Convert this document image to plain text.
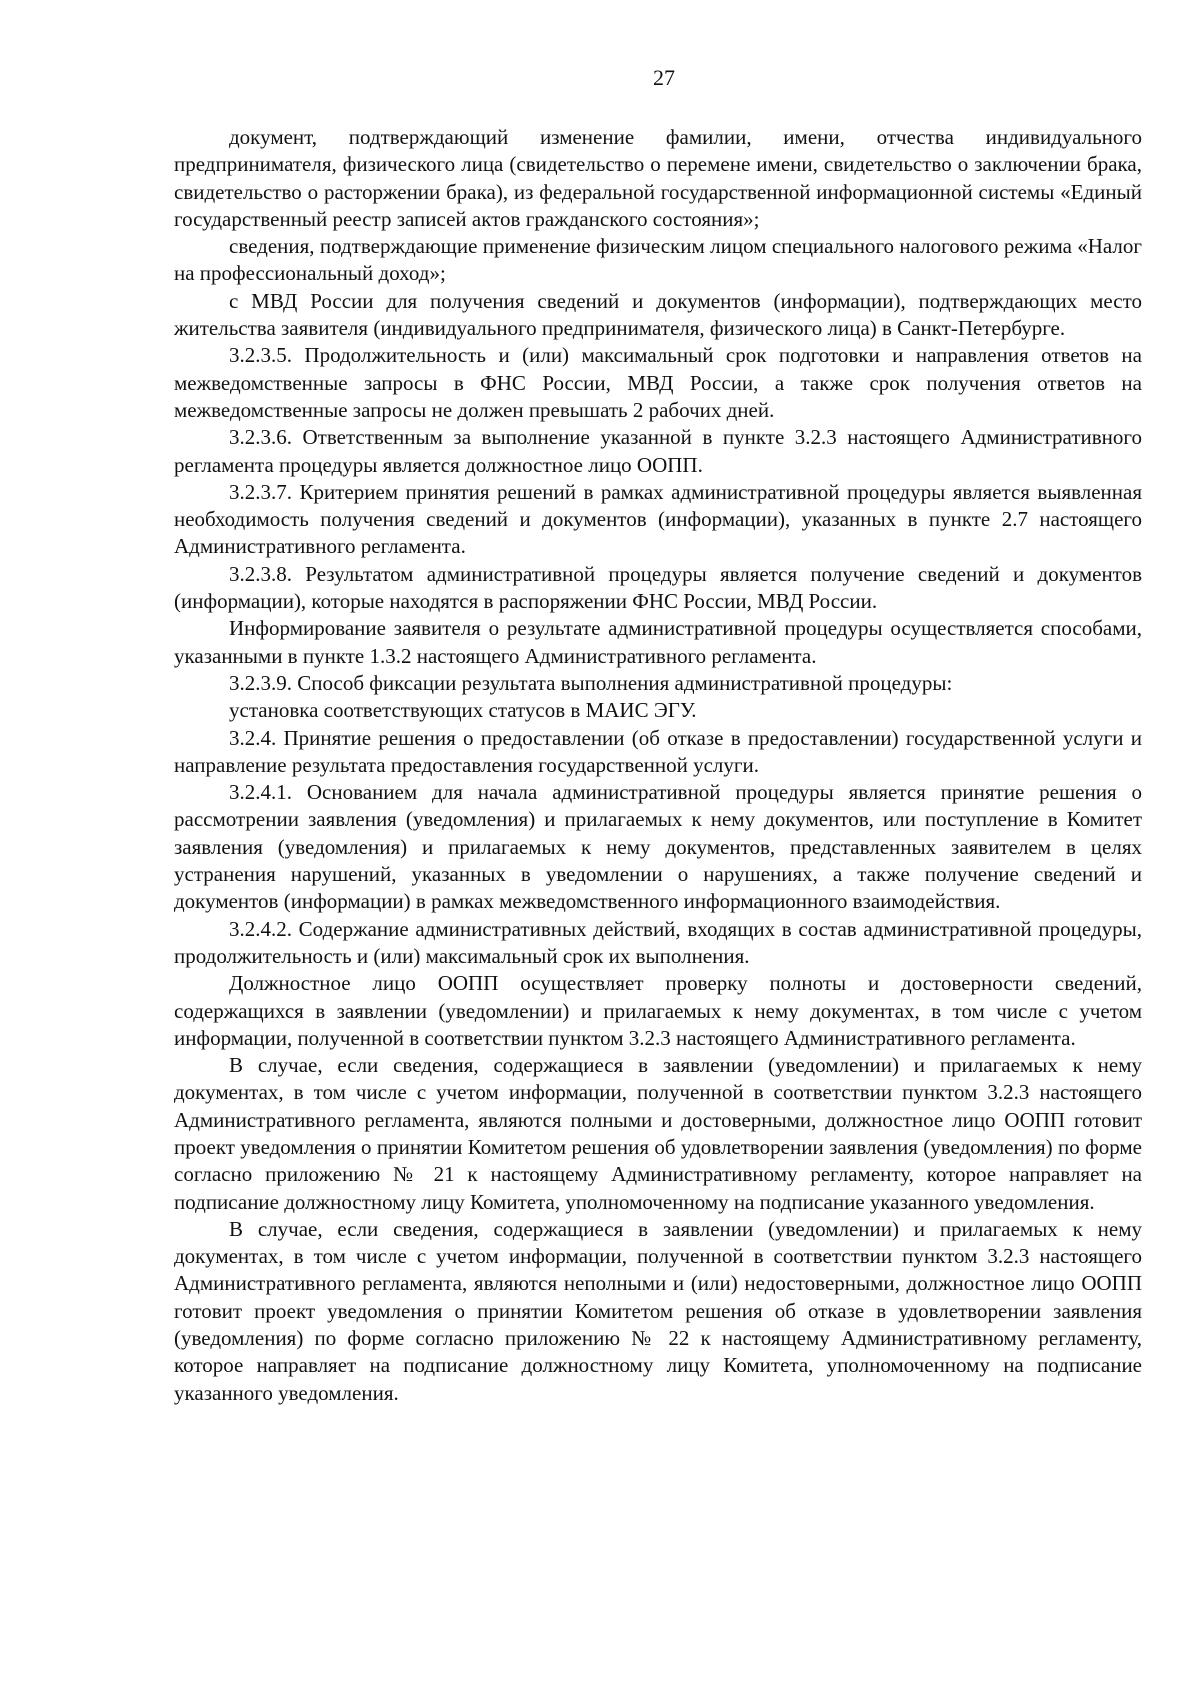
27

документ, подтверждающий изменение фамилии, имени, отчества индивидуального предпринимателя, физического лица (свидетельство о перемене имени, свидетельство о заключении брака, свидетельство о расторжении брака), из федеральной государственной информационной системы «Единый государственный реестр записей актов гражданского состояния»;

сведения, подтверждающие применение физическим лицом специального налогового режима «Налог на профессиональный доход»;

с МВД России для получения сведений и документов (информации), подтверждающих место жительства заявителя (индивидуального предпринимателя, физического лица) в Санкт-Петербурге.

3.2.3.5. Продолжительность и (или) максимальный срок подготовки и направления ответов на межведомственные запросы в ФНС России, МВД России, а также срок получения ответов на межведомственные запросы не должен превышать 2 рабочих дней.

3.2.3.6. Ответственным за выполнение указанной в пункте 3.2.3 настоящего Административного регламента процедуры является должностное лицо ООПП.

3.2.3.7. Критерием принятия решений в рамках административной процедуры является выявленная необходимость получения сведений и документов (информации), указанных в пункте 2.7 настоящего Административного регламента.

3.2.3.8. Результатом административной процедуры является получение сведений и документов (информации), которые находятся в распоряжении ФНС России, МВД России.

Информирование заявителя о результате административной процедуры осуществляется способами, указанными в пункте 1.3.2 настоящего Административного регламента.

3.2.3.9. Способ фиксации результата выполнения административной процедуры:

установка соответствующих статусов в МАИС ЭГУ.

3.2.4. Принятие решения о предоставлении (об отказе в предоставлении) государственной услуги и направление результата предоставления государственной услуги.

3.2.4.1. Основанием для начала административной процедуры является принятие решения о рассмотрении заявления (уведомления) и прилагаемых к нему документов, или поступление в Комитет заявления (уведомления) и прилагаемых к нему документов, представленных заявителем в целях устранения нарушений, указанных в уведомлении о нарушениях, а также получение сведений и документов (информации) в рамках межведомственного информационного взаимодействия.

3.2.4.2. Содержание административных действий, входящих в состав административной процедуры, продолжительность и (или) максимальный срок их выполнения.

Должностное лицо ООПП осуществляет проверку полноты и достоверности сведений, содержащихся в заявлении (уведомлении) и прилагаемых к нему документах, в том числе с учетом информации, полученной в соответствии пунктом 3.2.3 настоящего Административного регламента.

В случае, если сведения, содержащиеся в заявлении (уведомлении) и прилагаемых к нему документах, в том числе с учетом информации, полученной в соответствии пунктом 3.2.3 настоящего Административного регламента, являются полными и достоверными, должностное лицо ООПП готовит проект уведомления о принятии Комитетом решения об удовлетворении заявления (уведомления) по форме согласно приложению № 21 к настоящему Административному регламенту, которое направляет на подписание должностному лицу Комитета, уполномоченному на подписание указанного уведомления.

В случае, если сведения, содержащиеся в заявлении (уведомлении) и прилагаемых к нему документах, в том числе с учетом информации, полученной в соответствии пунктом 3.2.3 настоящего Административного регламента, являются неполными и (или) недостоверными, должностное лицо ООПП готовит проект уведомления о принятии Комитетом решения об отказе в удовлетворении заявления (уведомления) по форме согласно приложению № 22 к настоящему Административному регламенту, которое направляет на подписание должностному лицу Комитета, уполномоченному на подписание указанного уведомления.
